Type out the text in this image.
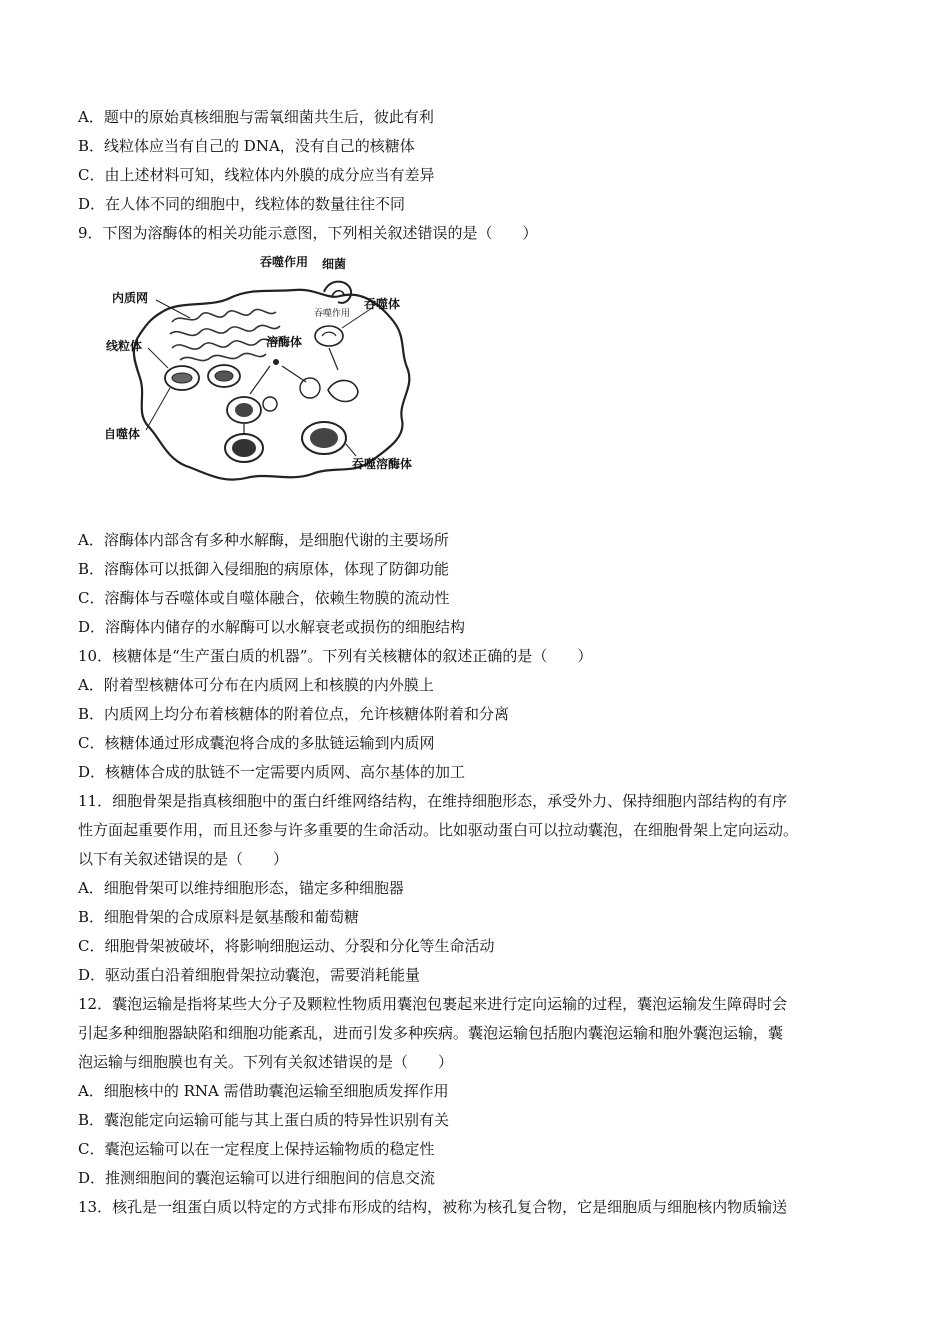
A．题中的原始真核细胞与需氧细菌共生后，彼此有利
B．线粒体应当有自己的 DNA，没有自己的核糖体
C．由上述材料可知，线粒体内外膜的成分应当有差异
D．在人体不同的细胞中，线粒体的数量往往不同
9．下图为溶酶体的相关功能示意图，下列相关叙述错误的是（　　）
吞噬作用 细菌
内质网	吞噬体
吞噬作用
线粒体	溶酶体
自噬体
吞噬溶酶体
A．溶酶体内部含有多种水解酶，是细胞代谢的主要场所
B．溶酶体可以抵御入侵细胞的病原体，体现了防御功能
C．溶酶体与吞噬体或自噬体融合，依赖生物膜的流动性
D．溶酶体内储存的水解酶可以水解衰老或损伤的细胞结构
10．核糖体是“生产蛋白质的机器”。下列有关核糖体的叙述正确的是（　　）
A．附着型核糖体可分布在内质网上和核膜的内外膜上
B．内质网上均分布着核糖体的附着位点，允许核糖体附着和分离
C．核糖体通过形成囊泡将合成的多肽链运输到内质网
D．核糖体合成的肽链不一定需要内质网、高尔基体的加工
11．细胞骨架是指真核细胞中的蛋白纤维网络结构，在维持细胞形态，承受外力、保持细胞内部结构的有序
性方面起重要作用，而且还参与许多重要的生命活动。比如驱动蛋白可以拉动囊泡，在细胞骨架上定向运动。
以下有关叙述错误的是（　　）
A．细胞骨架可以维持细胞形态，锚定多种细胞器
B．细胞骨架的合成原料是氨基酸和葡萄糖
C．细胞骨架被破坏，将影响细胞运动、分裂和分化等生命活动
D．驱动蛋白沿着细胞骨架拉动囊泡，需要消耗能量
12．囊泡运输是指将某些大分子及颗粒性物质用囊泡包裹起来进行定向运输的过程，囊泡运输发生障碍时会
引起多种细胞器缺陷和细胞功能紊乱，进而引发多种疾病。囊泡运输包括胞内囊泡运输和胞外囊泡运输，囊
泡运输与细胞膜也有关。下列有关叙述错误的是（　　）
A．细胞核中的 RNA 需借助囊泡运输至细胞质发挥作用
B．囊泡能定向运输可能与其上蛋白质的特异性识别有关
C．囊泡运输可以在一定程度上保持运输物质的稳定性
D．推测细胞间的囊泡运输可以进行细胞间的信息交流
13．核孔是一组蛋白质以特定的方式排布形成的结构，被称为核孔复合物，它是细胞质与细胞核内物质输送
